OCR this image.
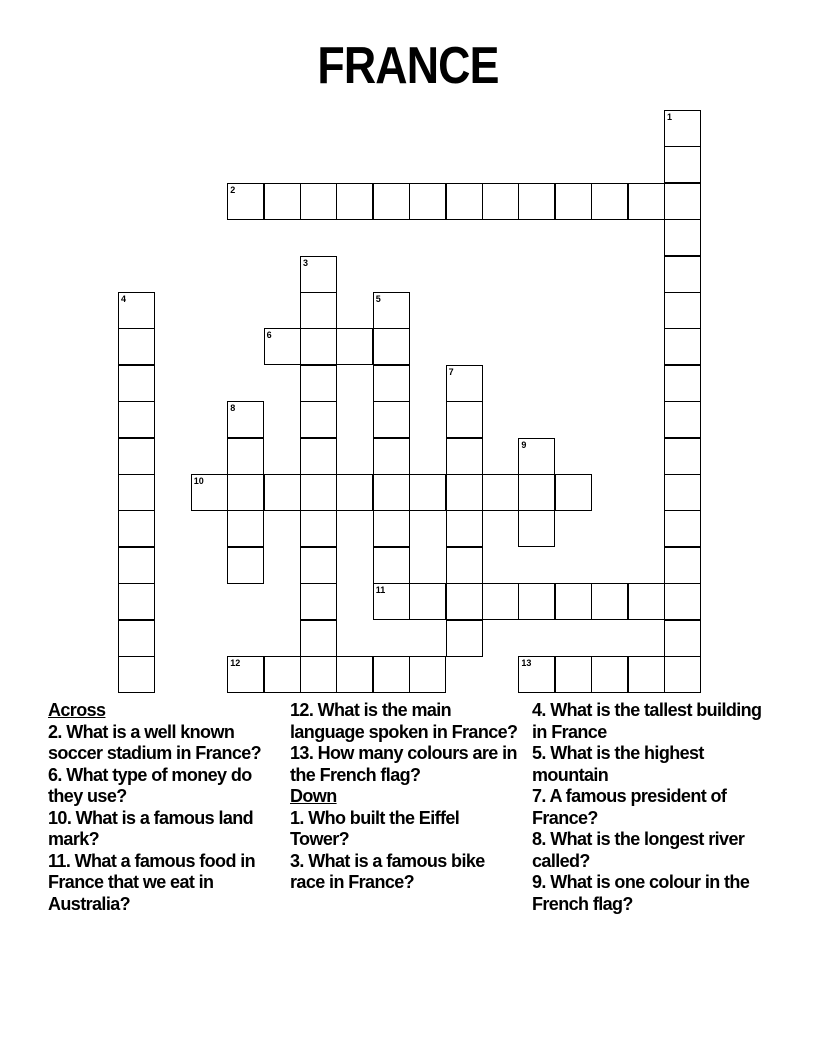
FRANCE
1
2
3
4	5
11
6
7
8
9
10
12	13
Across
2. What is a well known soccer stadium in France?
6. What type of money do they use?
10. What is a famous land mark?
11. What a famous food in France that we eat in Australia?
12. What is the main language spoken in France?
13. How many colours are in the French flag?
Down
1. Who built the Eiffel Tower?
3. What is a famous bike race in France?
4. What is the tallest building in France
5. What is the highest mountain
7. A famous president of France?
8. What is the longest river called?
9. What is one colour in the French flag?
